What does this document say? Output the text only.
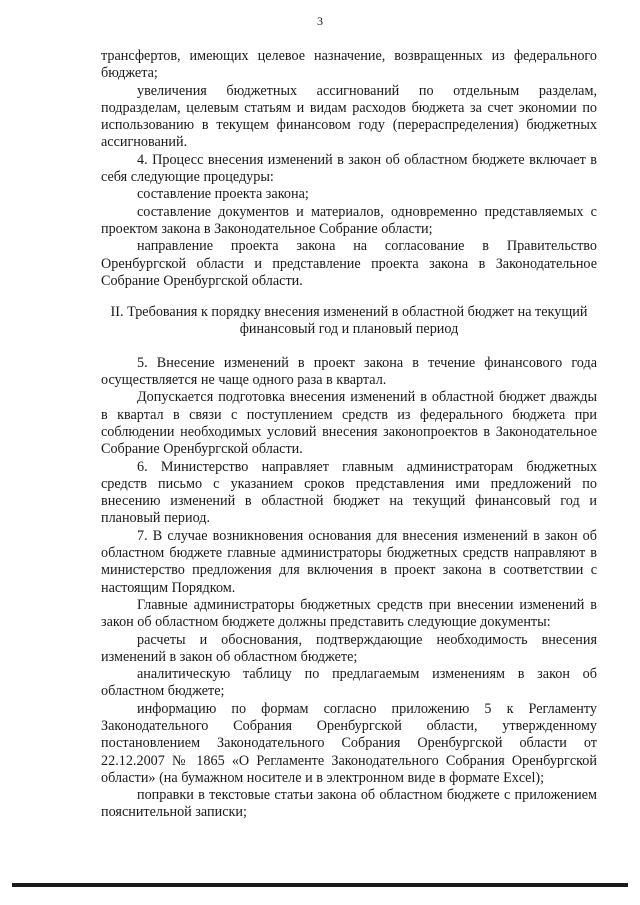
3

трансфертов, имеющих целевое назначение, возвращенных из федерального бюджета;

увеличения бюджетных ассигнований по отдельным разделам, подразделам, целевым статьям и видам расходов бюджета за счет экономии по использованию в текущем финансовом году (перераспределения) бюджетных ассигнований.

4. Процесс внесения изменений в закон об областном бюджете включает в себя следующие процедуры:

составление проекта закона;

составление документов и материалов, одновременно представляемых с проектом закона в Законодательное Собрание области;

направление проекта закона на согласование в Правительство Оренбургской области и представление проекта закона в Законодательное Собрание Оренбургской области.

II. Требования к порядку внесения изменений в областной бюджет на текущий финансовый год и плановый период

5. Внесение изменений в проект закона в течение финансового года осуществляется не чаще одного раза в квартал.

Допускается подготовка внесения изменений в областной бюджет дважды в квартал в связи с поступлением средств из федерального бюджета при соблюдении необходимых условий внесения законопроектов в Законодательное Собрание Оренбургской области.

6. Министерство направляет главным администраторам бюджетных средств письмо с указанием сроков представления ими предложений по внесению изменений в областной бюджет на текущий финансовый год и плановый период.

7. В случае возникновения основания для внесения изменений в закон об областном бюджете главные администраторы бюджетных средств направляют в министерство предложения для включения в проект закона в соответствии с настоящим Порядком.

Главные администраторы бюджетных средств при внесении изменений в закон об областном бюджете должны представить следующие документы:

расчеты и обоснования, подтверждающие необходимость внесения изменений в закон об областном бюджете;

аналитическую таблицу по предлагаемым изменениям в закон об областном бюджете;

информацию по формам согласно приложению 5 к Регламенту Законодательного Собрания Оренбургской области, утвержденному постановлением Законодательного Собрания Оренбургской области от 22.12.2007 № 1865 «О Регламенте Законодательного Собрания Оренбургской области» (на бумажном носителе и в электронном виде в формате Excel);

поправки в текстовые статьи закона об областном бюджете с приложением пояснительной записки;
